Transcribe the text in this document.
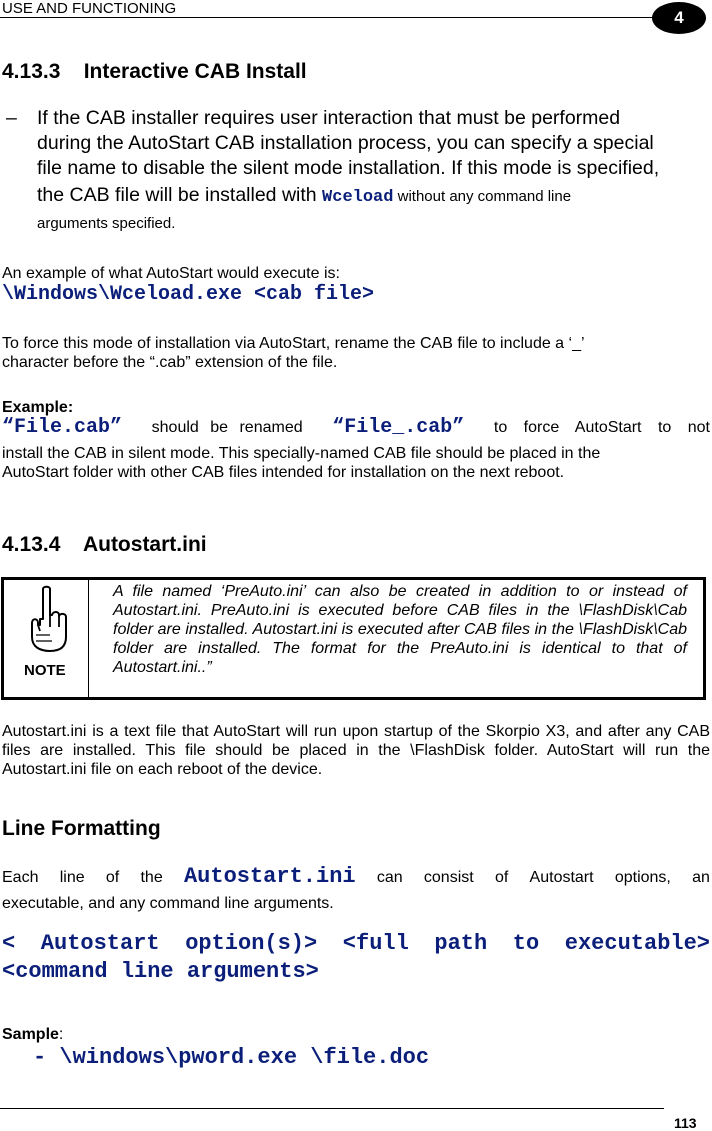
USE AND FUNCTIONING	4
4.13.3    Interactive CAB Install
– If the CAB installer requires user interaction that must be performed
during the AutoStart CAB installation process, you can specify a special
file name to disable the silent mode installation. If this mode is specified,
the CAB file will be installed with Wceload without any command line
arguments specified.
An example of what AutoStart would execute is:
\Windows\Wceload.exe <cab file>
To force this mode of installation via AutoStart, rename the CAB file to include a ‘_’
character before the “.cab” extension of the file.
Example:
“File.cab” should be renamed “File_.cab” to force AutoStart to not
install the CAB in silent mode. This specially-named CAB file should be placed in the
AutoStart folder with other CAB files intended for installation on the next reboot.
4.13.4    Autostart.ini
NOTE
A file named ‘PreAuto.ini’ can also be created in addition to or instead of Autostart.ini. PreAuto.ini is executed before CAB files in the \FlashDisk\Cab folder are installed. Autostart.ini is executed after CAB files in the \FlashDisk\Cab folder are installed. The format for the PreAuto.ini is identical to that of Autostart.ini..”
Autostart.ini is a text file that AutoStart will run upon startup of the Skorpio X3, and after any CAB files are installed. This file should be placed in the \FlashDisk folder. AutoStart will run the Autostart.ini file on each reboot of the device.
Line Formatting
Each line of the Autostart.ini can consist of Autostart options, an
executable, and any command line arguments.
< Autostart option(s)> <full path to executable>
<command line arguments>
Sample:
- \windows\pword.exe \file.doc
113
